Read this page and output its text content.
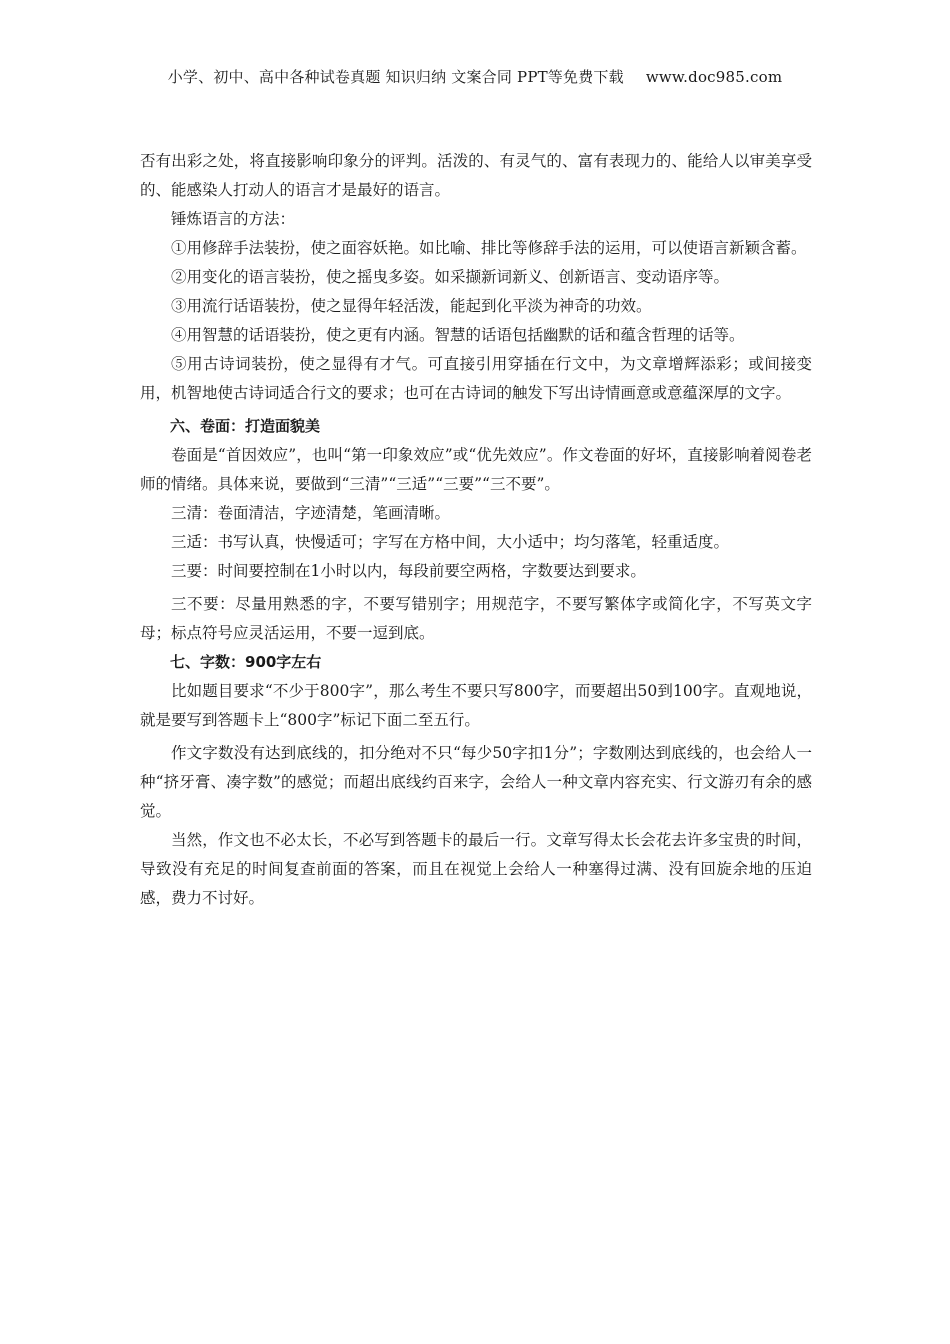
小学、初中、高中各种试卷真题 知识归纳 文案合同 PPT等免费下载 www.doc985.com

否有出彩之处，将直接影响印象分的评判。活泼的、有灵气的、富有表现力的、能给人以审美享受的、能感染人打动人的语言才是最好的语言。

锤炼语言的方法：

①用修辞手法装扮，使之面容妖艳。如比喻、排比等修辞手法的运用，可以使语言新颖含蓄。

②用变化的语言装扮，使之摇曳多姿。如采撷新词新义、创新语言、变动语序等。

③用流行话语装扮，使之显得年轻活泼，能起到化平淡为神奇的功效。

④用智慧的话语装扮，使之更有内涵。智慧的话语包括幽默的话和蕴含哲理的话等。

⑤用古诗词装扮，使之显得有才气。可直接引用穿插在行文中，为文章增辉添彩；或间接变用，机智地使古诗词适合行文的要求；也可在古诗词的触发下写出诗情画意或意蕴深厚的文字。

六、卷面：打造面貌美

卷面是“首因效应”，也叫“第一印象效应”或“优先效应”。作文卷面的好坏，直接影响着阅卷老师的情绪。具体来说，要做到“三清”“三适”“三要”“三不要”。

三清：卷面清洁，字迹清楚，笔画清晰。

三适：书写认真，快慢适可；字写在方格中间，大小适中；均匀落笔，轻重适度。

三要：时间要控制在1小时以内，每段前要空两格，字数要达到要求。

三不要：尽量用熟悉的字，不要写错别字；用规范字，不要写繁体字或简化字，不写英文字母；标点符号应灵活运用，不要一逗到底。

七、字数：900字左右

比如题目要求“不少于800字”，那么考生不要只写800字，而要超出50到100字。直观地说，就是要写到答题卡上“800字”标记下面二至五行。

作文字数没有达到底线的，扣分绝对不只“每少50字扣1分”；字数刚达到底线的，也会给人一种“挤牙膏、凑字数”的感觉；而超出底线约百来字，会给人一种文章内容充实、行文游刃有余的感觉。

当然，作文也不必太长，不必写到答题卡的最后一行。文章写得太长会花去许多宝贵的时间，导致没有充足的时间复查前面的答案，而且在视觉上会给人一种塞得过满、没有回旋余地的压迫感，费力不讨好。
